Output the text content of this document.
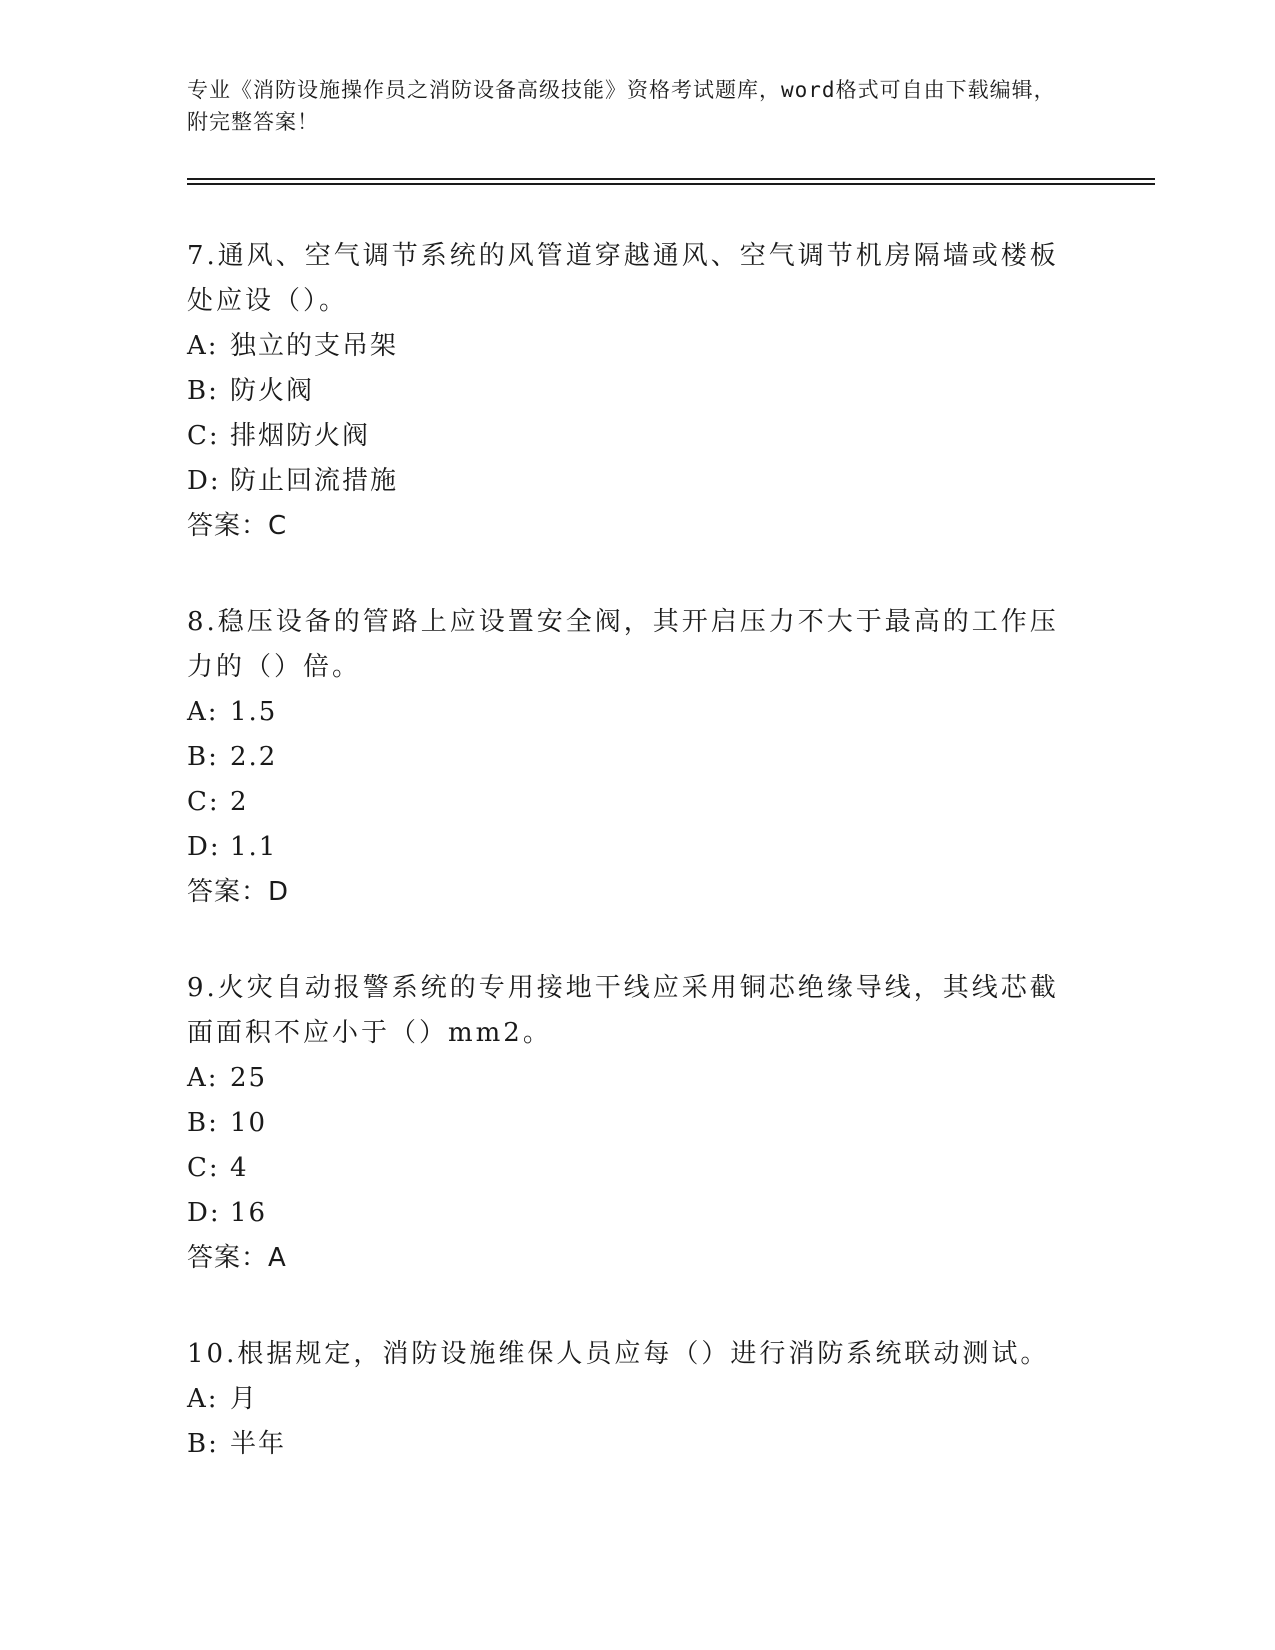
专业《消防设施操作员之消防设备高级技能》资格考试题库，word格式可自由下载编辑，附完整答案！

7.通风、空气调节系统的风管道穿越通风、空气调节机房隔墙或楼板处应设（）。

A: 独立的支吊架
B: 防火阀
C: 排烟防火阀
D: 防止回流措施
答案：C

8.稳压设备的管路上应设置安全阀，其开启压力不大于最高的工作压力的（）倍。

A: 1.5
B: 2.2
C: 2
D: 1.1
答案：D

9.火灾自动报警系统的专用接地干线应采用铜芯绝缘导线，其线芯截面面积不应小于（）mm2。

A: 25
B: 10
C: 4
D: 16
答案：A

10.根据规定，消防设施维保人员应每（）进行消防系统联动测试。

A: 月
B: 半年
